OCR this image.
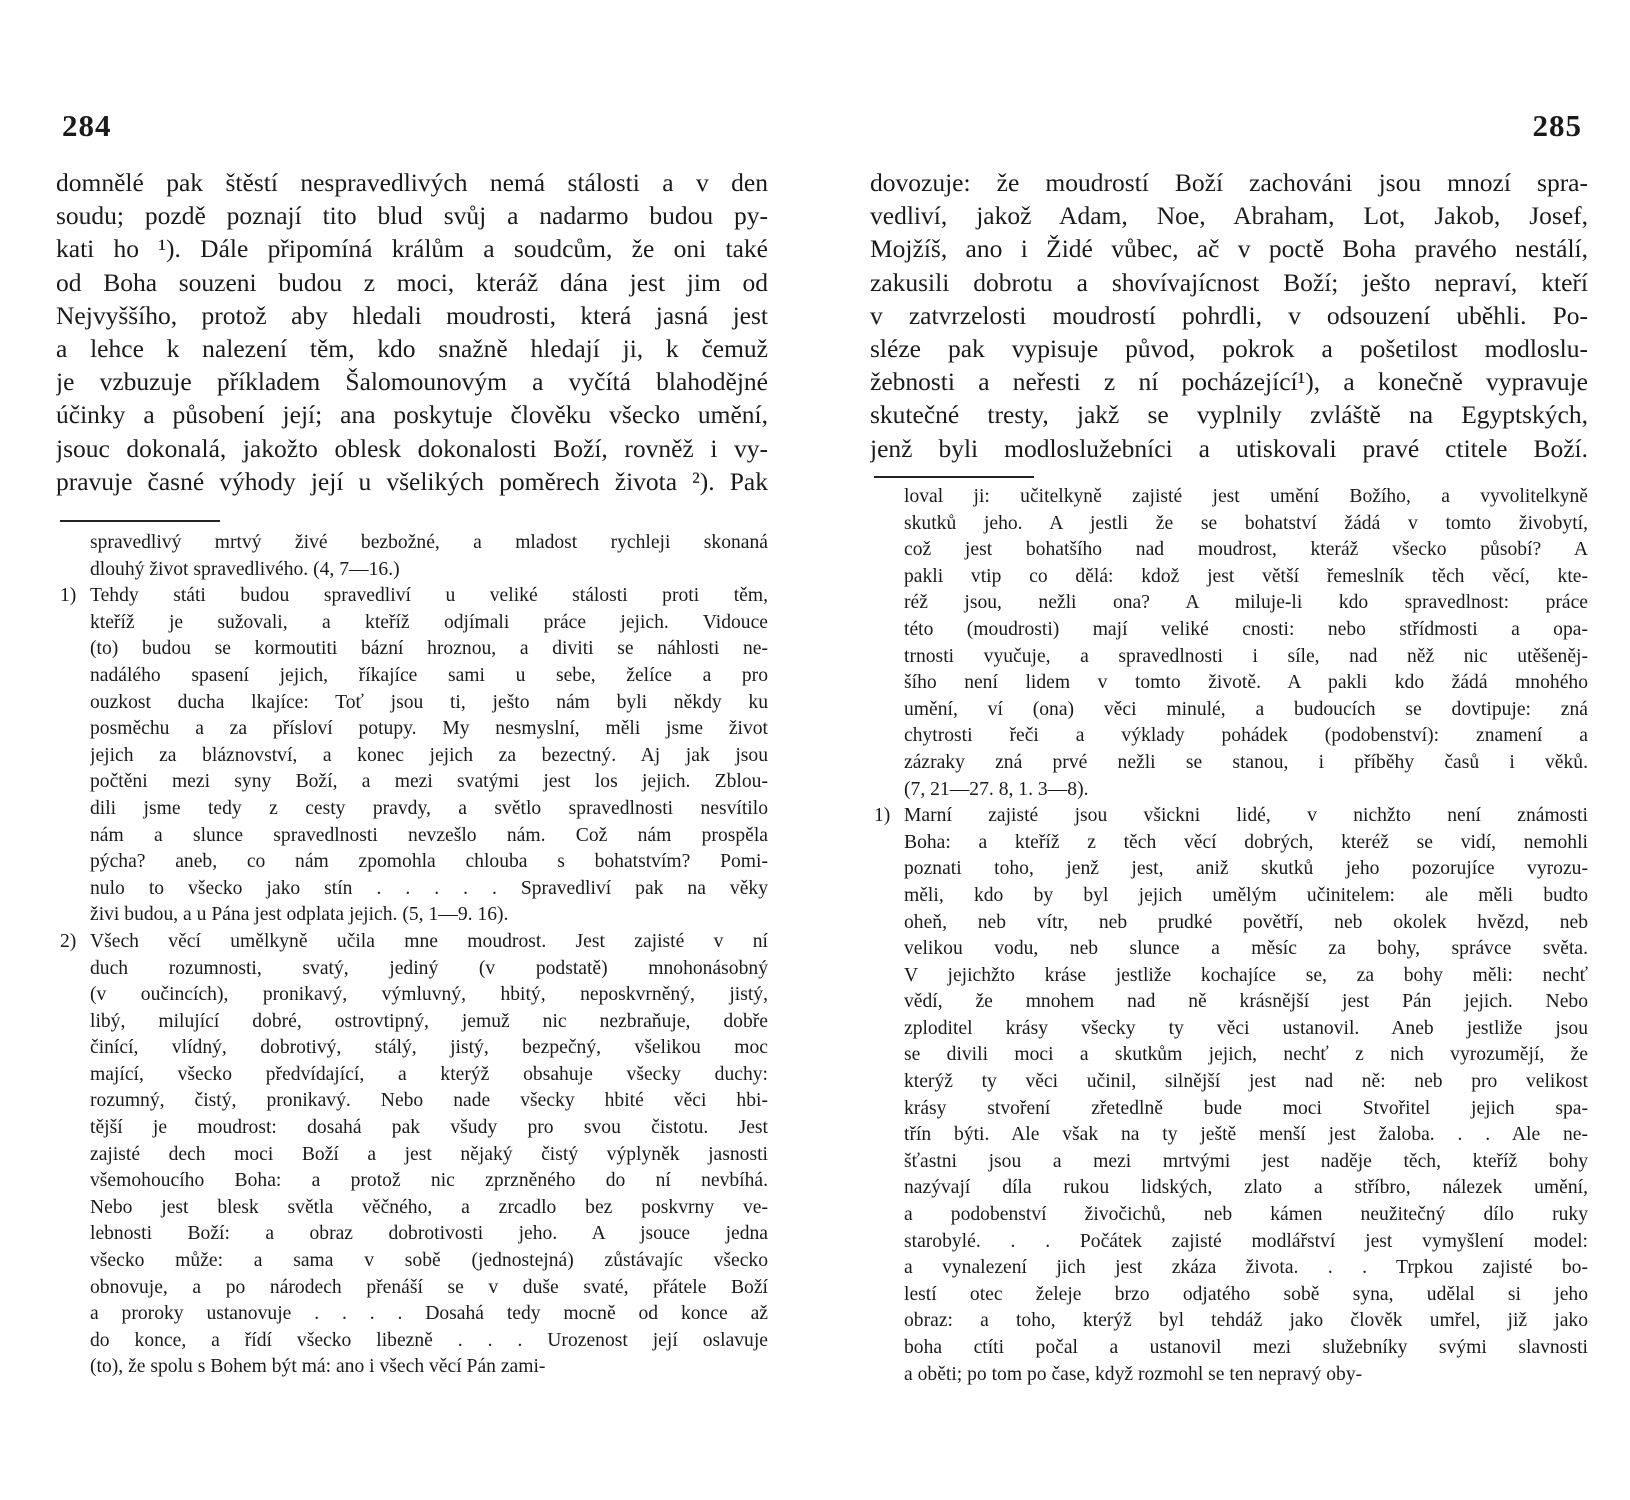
284
domnělé pak štěstí nespravedlivých nemá stálosti a v den
soudu; pozdě poznají tito blud svůj a nadarmo budou py-
kati ho ¹). Dále připomíná králům a soudcům, že oni také
od Boha souzeni budou z moci, kteráž dána jest jim od
Nejvyššího, protož aby hledali moudrosti, která jasná jest
a lehce k nalezení těm, kdo snažně hledají ji, k čemuž
je vzbuzuje příkladem Šalomounovým a vyčítá blahodějné
účinky a působení její; ana poskytuje člověku všecko umění,
jsouc dokonalá, jakožto oblesk dokonalosti Boží, rovněž i vy-
pravuje časné výhody její u všelikých poměrech života ²). Pak
spravedlivý mrtvý živé bezbožné, a mladost rychleji skonaná
dlouhý život spravedlivého. (4, 7—16.)
1) Tehdy státi budou spravedliví u veliké stálosti proti těm,
kteříž je sužovali, a kteříž odjímali práce jejich. Vidouce
(to) budou se kormoutiti bázní hroznou, a diviti se náhlosti ne-
nadálého spasení jejich, říkajíce sami u sebe, želíce a pro
ouzkost ducha lkajíce: Toť jsou ti, ješto nám byli někdy ku
posměchu a za přísloví potupy. My nesmyslní, měli jsme život
jejich za bláznovství, a konec jejich za bezectný. Aj jak jsou
počtěni mezi syny Boží, a mezi svatými jest los jejich. Zblou-
dili jsme tedy z cesty pravdy, a světlo spravedlnosti nesvítilo
nám a slunce spravedlnosti nevzešlo nám. Což nám prospěla
pýcha? aneb, co nám zpomohla chlouba s bohatstvím? Pomi-
nulo to všecko jako stín . . . . . Spravedliví pak na věky
živi budou, a u Pána jest odplata jejich. (5, 1—9. 16).
2) Všech věcí umělkyně učila mne moudrost. Jest zajisté v ní
duch rozumnosti, svatý, jediný (v podstatě) mnohonásobný
(v oučincích), pronikavý, výmluvný, hbitý, neposkvrněný, jistý,
libý, milující dobré, ostrovtipný, jemuž nic nezbraňuje, dobře
činící, vlídný, dobrotivý, stálý, jistý, bezpečný, všelikou moc
mající, všecko předvídající, a kterýž obsahuje všecky duchy:
rozumný, čistý, pronikavý. Nebo nade všecky hbité věci hbi-
tější je moudrost: dosahá pak všudy pro svou čistotu. Jest
zajisté dech moci Boží a jest nějaký čistý výplyněk jasnosti
všemohoucího Boha: a protož nic zprzněného do ní nevbíhá.
Nebo jest blesk světla věčného, a zrcadlo bez poskvrny ve-
lebnosti Boží: a obraz dobrotivosti jeho. A jsouce jedna
všecko může: a sama v sobě (jednostejná) zůstávajíc všecko
obnovuje, a po národech přenáší se v duše svaté, přátele Boží
a proroky ustanovuje . . . . Dosahá tedy mocně od konce až
do konce, a řídí všecko libezně . . . Urozenost její oslavuje
(to), že spolu s Bohem být má: ano i všech věcí Pán zami-
285
dovozuje: že moudrostí Boží zachováni jsou mnozí spra-
vedliví, jakož Adam, Noe, Abraham, Lot, Jakob, Josef,
Mojžíš, ano i Židé vůbec, ač v poctě Boha pravého nestálí,
zakusili dobrotu a shovívajícnost Boží; ješto nepraví, kteří
v zatvrzelosti moudrostí pohrdli, v odsouzení uběhli. Po-
sléze pak vypisuje původ, pokrok a pošetilost modloslu-
žebnosti a neřesti z ní pocházející¹), a konečně vypravuje
skutečné tresty, jakž se vyplnily zvláště na Egyptských,
jenž byli modloslužebníci a utiskovali pravé ctitele Boží.
loval ji: učitelkyně zajisté jest umění Božího, a vyvolitelkyně
skutků jeho. A jestli že se bohatství žádá v tomto živobytí,
což jest bohatšího nad moudrost, kteráž všecko působí? A
pakli vtip co dělá: kdož jest větší řemeslník těch věcí, kte-
réž jsou, nežli ona? A miluje-li kdo spravedlnost: práce
této (moudrosti) mají veliké cnosti: nebo střídmosti a opa-
trnosti vyučuje, a spravedlnosti i síle, nad něž nic utěšeněj-
šího není lidem v tomto životě. A pakli kdo žádá mnohého
umění, ví (ona) věci minulé, a budoucích se dovtipuje: zná
chytrosti řeči a výklady pohádek (podobenství): znamení a
zázraky zná prvé nežli se stanou, i příběhy časů i věků.
(7, 21—27. 8, 1. 3—8).
1) Marní zajisté jsou všickni lidé, v nichžto není známosti
Boha: a kteříž z těch věcí dobrých, kteréž se vidí, nemohli
poznati toho, jenž jest, aniž skutků jeho pozorujíce vyrozu-
měli, kdo by byl jejich umělým učinitelem: ale měli budto
oheň, neb vítr, neb prudké povětří, neb okolek hvězd, neb
velikou vodu, neb slunce a měsíc za bohy, správce světa.
V jejichžto kráse jestliže kochajíce se, za bohy měli: nechť
vědí, že mnohem nad ně krásnější jest Pán jejich. Nebo
zploditel krásy všecky ty věci ustanovil. Aneb jestliže jsou
se divili moci a skutkům jejich, nechť z nich vyrozumějí, že
kterýž ty věci učinil, silnější jest nad ně: neb pro velikost
krásy stvoření zřetedlně bude moci Stvořitel jejich spa-
třín býti. Ale však na ty ještě menší jest žaloba. . . Ale ne-
šťastni jsou a mezi mrtvými jest naděje těch, kteříž bohy
nazývají díla rukou lidských, zlato a stříbro, nálezek umění,
a podobenství živočichů, neb kámen neužitečný dílo ruky
starobylé. . . Počátek zajisté modlářství jest vymyšlení model:
a vynalezení jich jest zkáza života. . . Trpkou zajisté bo-
lestí otec želeje brzo odjatého sobě syna, udělal si jeho
obraz: a toho, kterýž byl tehdáž jako člověk umřel, již jako
boha ctíti počal a ustanovil mezi služebníky svými slavnosti
a oběti; po tom po čase, když rozmohl se ten nepravý oby-
